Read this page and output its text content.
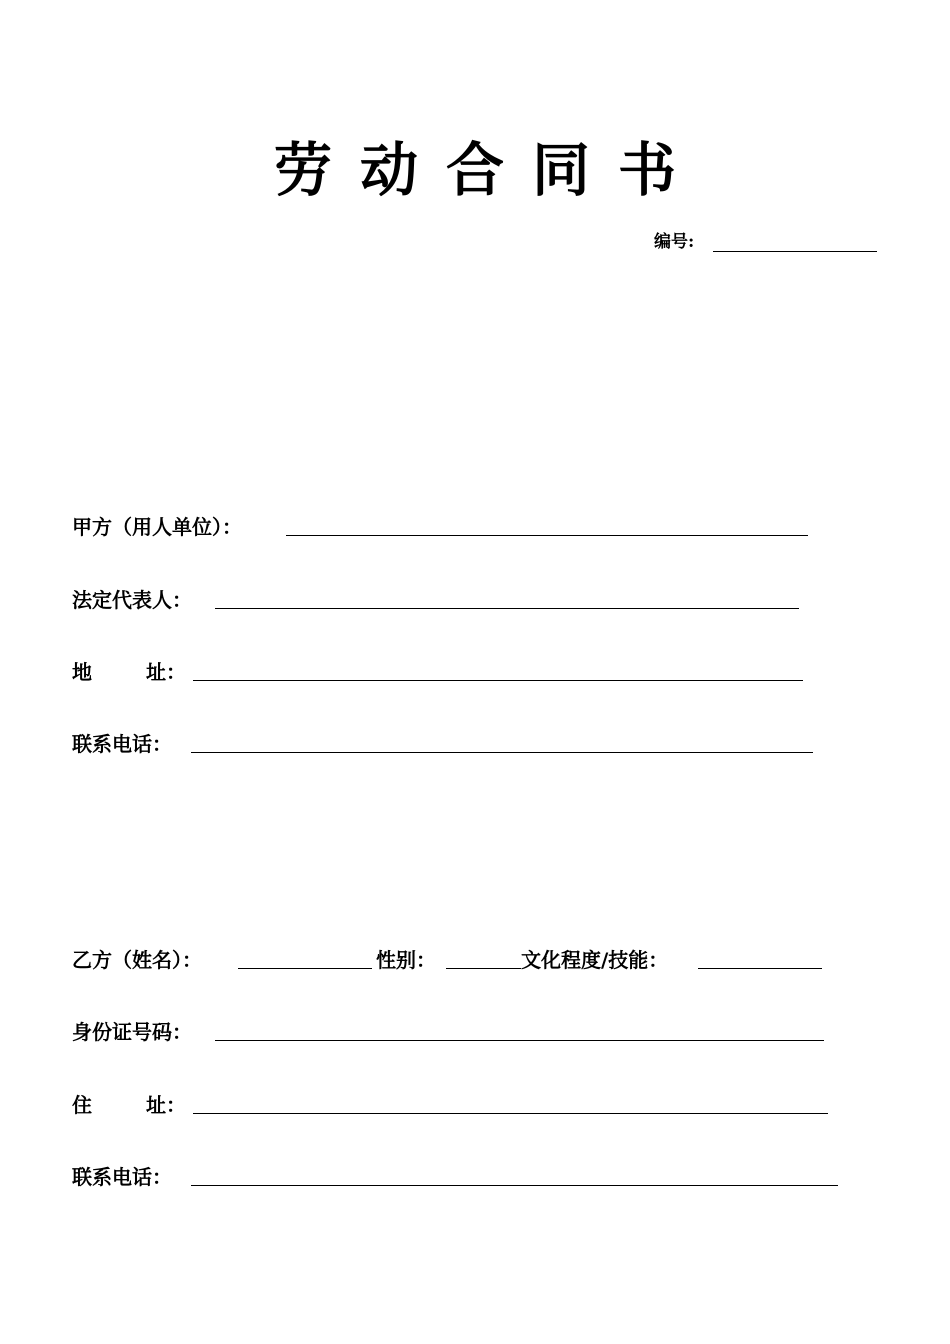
劳动合同书
编号:
甲方（用人单位）：
法定代表人：
地	址：
联系电话：
乙方（姓名）：	性别：	文化程度/技能：
身份证号码：
住	址：
联系电话：
